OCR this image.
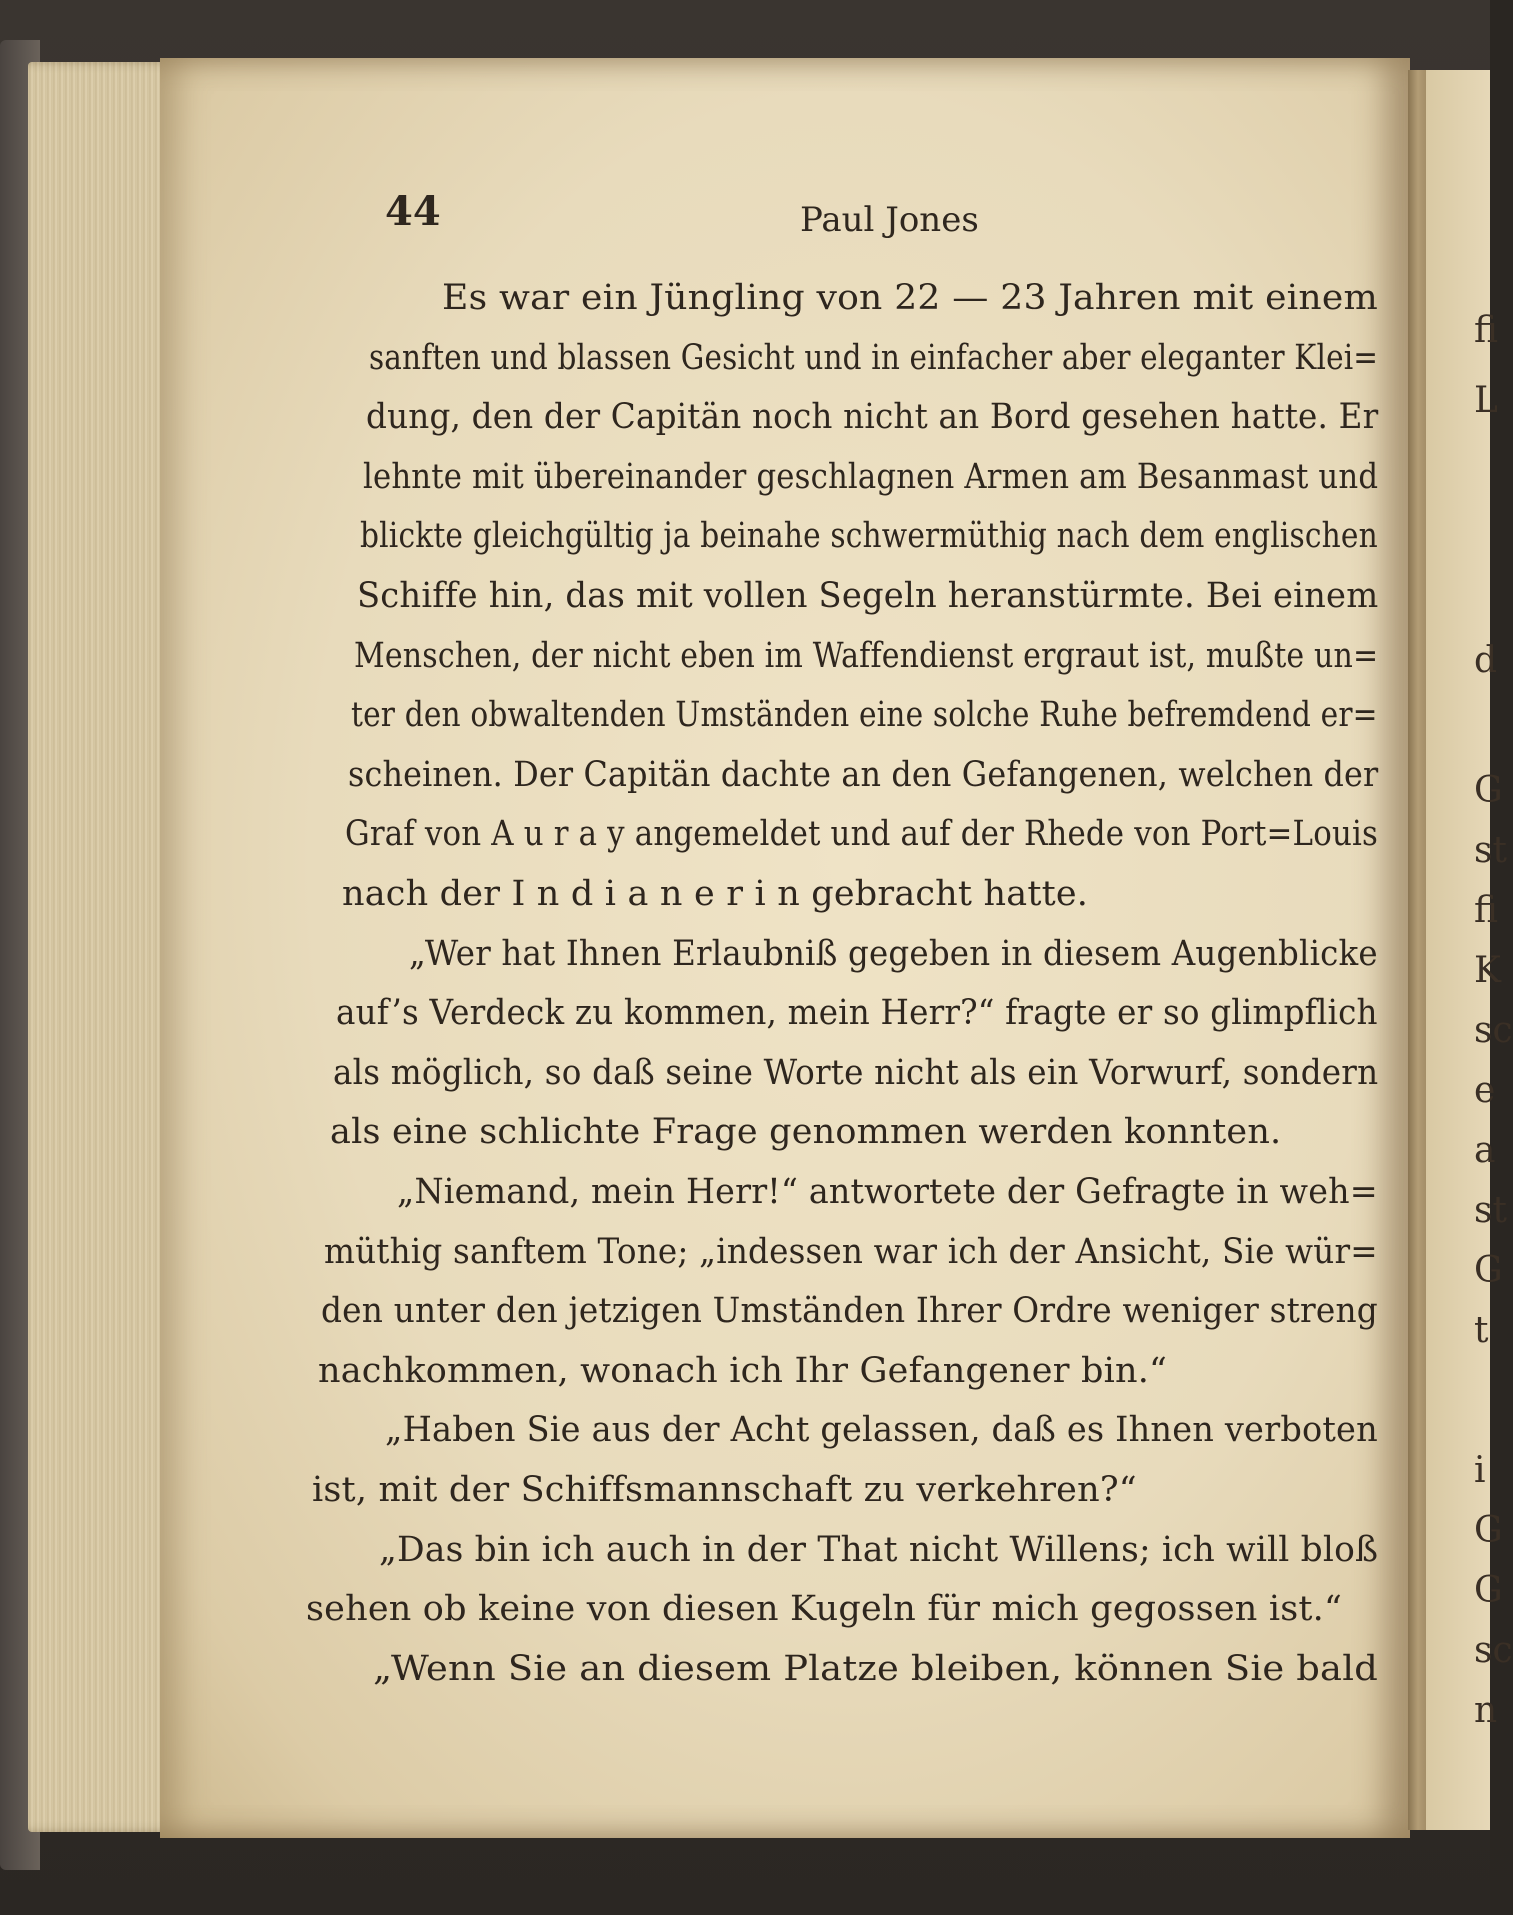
44	Paul Jones
Es war ein Jüngling von 22 — 23 Jahren mit einem
sanften und blassen Gesicht und in einfacher aber eleganter Klei=
dung, den der Capitän noch nicht an Bord gesehen hatte. Er
lehnte mit übereinander geschlagnen Armen am Besanmast und
blickte gleichgültig ja beinahe schwermüthig nach dem englischen
Schiffe hin, das mit vollen Segeln heranstürmte. Bei einem
Menschen, der nicht eben im Waffendienst ergraut ist, mußte un=
ter den obwaltenden Umständen eine solche Ruhe befremdend er=
scheinen. Der Capitän dachte an den Gefangenen, welchen der
Graf von A u r a y angemeldet und auf der Rhede von Port=Louis
nach der I n d i a n e r i n gebracht hatte.
„Wer hat Ihnen Erlaubniß gegeben in diesem Augenblicke
auf’s Verdeck zu kommen, mein Herr?“ fragte er so glimpflich
als möglich, so daß seine Worte nicht als ein Vorwurf, sondern
als eine schlichte Frage genommen werden konnten.
„Niemand, mein Herr!“ antwortete der Gefragte in weh=
müthig sanftem Tone; „indessen war ich der Ansicht, Sie wür=
den unter den jetzigen Umständen Ihrer Ordre weniger streng
nachkommen, wonach ich Ihr Gefangener bin.“
„Haben Sie aus der Acht gelassen, daß es Ihnen verboten
ist, mit der Schiffsmannschaft zu verkehren?“
„Das bin ich auch in der That nicht Willens; ich will bloß
sehen ob keine von diesen Kugeln für mich gegossen ist.“
„Wenn Sie an diesem Platze bleiben, können Sie bald
fi
L
d
G
st
fi
K
sc
e
a
st
G
t
i
G
G
sc
n
